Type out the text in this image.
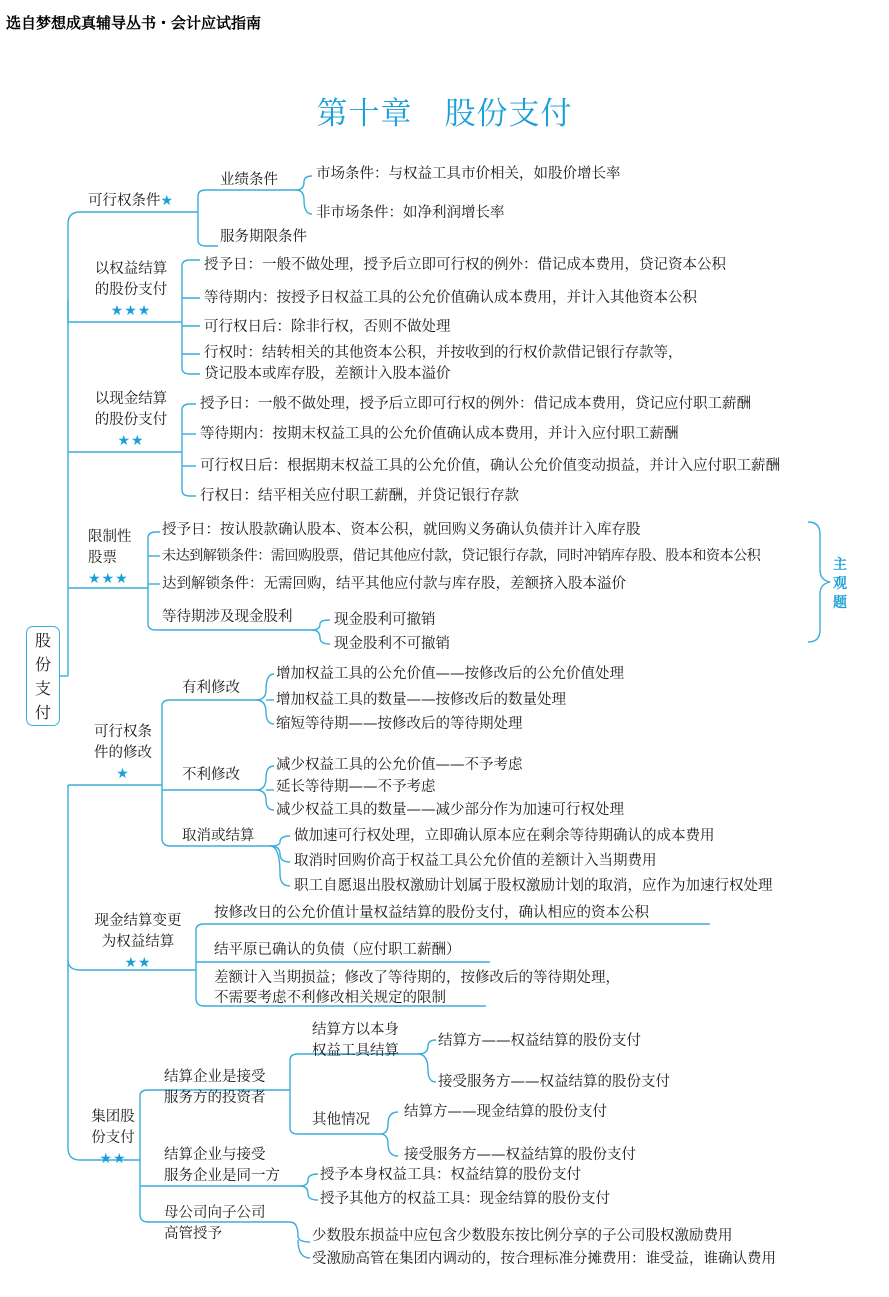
选自梦想成真辅导丛书・会计应试指南
第十章　股份支付
股
份
支
付
主
观
题
可行权条件★
业绩条件	市场条件：与权益工具市价相关，如股价增长率
非市场条件：如净利润增长率
服务期限条件
以权益结算
的股份支付
★★★
授予日：一般不做处理，授予后立即可行权的例外：借记成本费用，贷记资本公积
等待期内：按授予日权益工具的公允价值确认成本费用，并计入其他资本公积
可行权日后：除非行权，否则不做处理
行权时：结转相关的其他资本公积，并按收到的行权价款借记银行存款等，
贷记股本或库存股，差额计入股本溢价
以现金结算
的股份支付
★★
授予日：一般不做处理，授予后立即可行权的例外：借记成本费用，贷记应付职工薪酬
等待期内：按期末权益工具的公允价值确认成本费用，并计入应付职工薪酬
可行权日后：根据期末权益工具的公允价值，确认公允价值变动损益，并计入应付职工薪酬
行权日：结平相关应付职工薪酬，并贷记银行存款
限制性
股票
★★★
授予日：按认股款确认股本、资本公积，就回购义务确认负债并计入库存股
未达到解锁条件：需回购股票，借记其他应付款，贷记银行存款，同时冲销库存股、股本和资本公积
达到解锁条件：无需回购，结平其他应付款与库存股，差额挤入股本溢价
等待期涉及现金股利	现金股利可撤销
现金股利不可撤销
可行权条
件的修改
★
有利修改
增加权益工具的公允价值——按修改后的公允价值处理
增加权益工具的数量——按修改后的数量处理
缩短等待期——按修改后的等待期处理
不利修改
减少权益工具的公允价值——不予考虑
延长等待期——不予考虑
减少权益工具的数量——减少部分作为加速可行权处理
取消或结算	做加速可行权处理，立即确认原本应在剩余等待期确认的成本费用
取消时回购价高于权益工具公允价值的差额计入当期费用
职工自愿退出股权激励计划属于股权激励计划的取消，应作为加速行权处理
现金结算变更
为权益结算
★★
按修改日的公允价值计量权益结算的股份支付，确认相应的资本公积
结平原已确认的负债（应付职工薪酬）
差额计入当期损益；修改了等待期的，按修改后的等待期处理，
不需要考虑不利修改相关规定的限制
集团股
份支付
★★
结算企业是接受
服务方的投资者
结算方以本身
权益工具结算
结算方——权益结算的股份支付
接受服务方——权益结算的股份支付
其他情况 结算方——现金结算的股份支付
接受服务方——权益结算的股份支付
结算企业与接受
服务企业是同一方	授予本身权益工具：权益结算的股份支付
授予其他方的权益工具：现金结算的股份支付
母公司向子公司
高管授予	少数股东损益中应包含少数股东按比例分享的子公司股权激励费用
受激励高管在集团内调动的，按合理标准分摊费用：谁受益，谁确认费用
